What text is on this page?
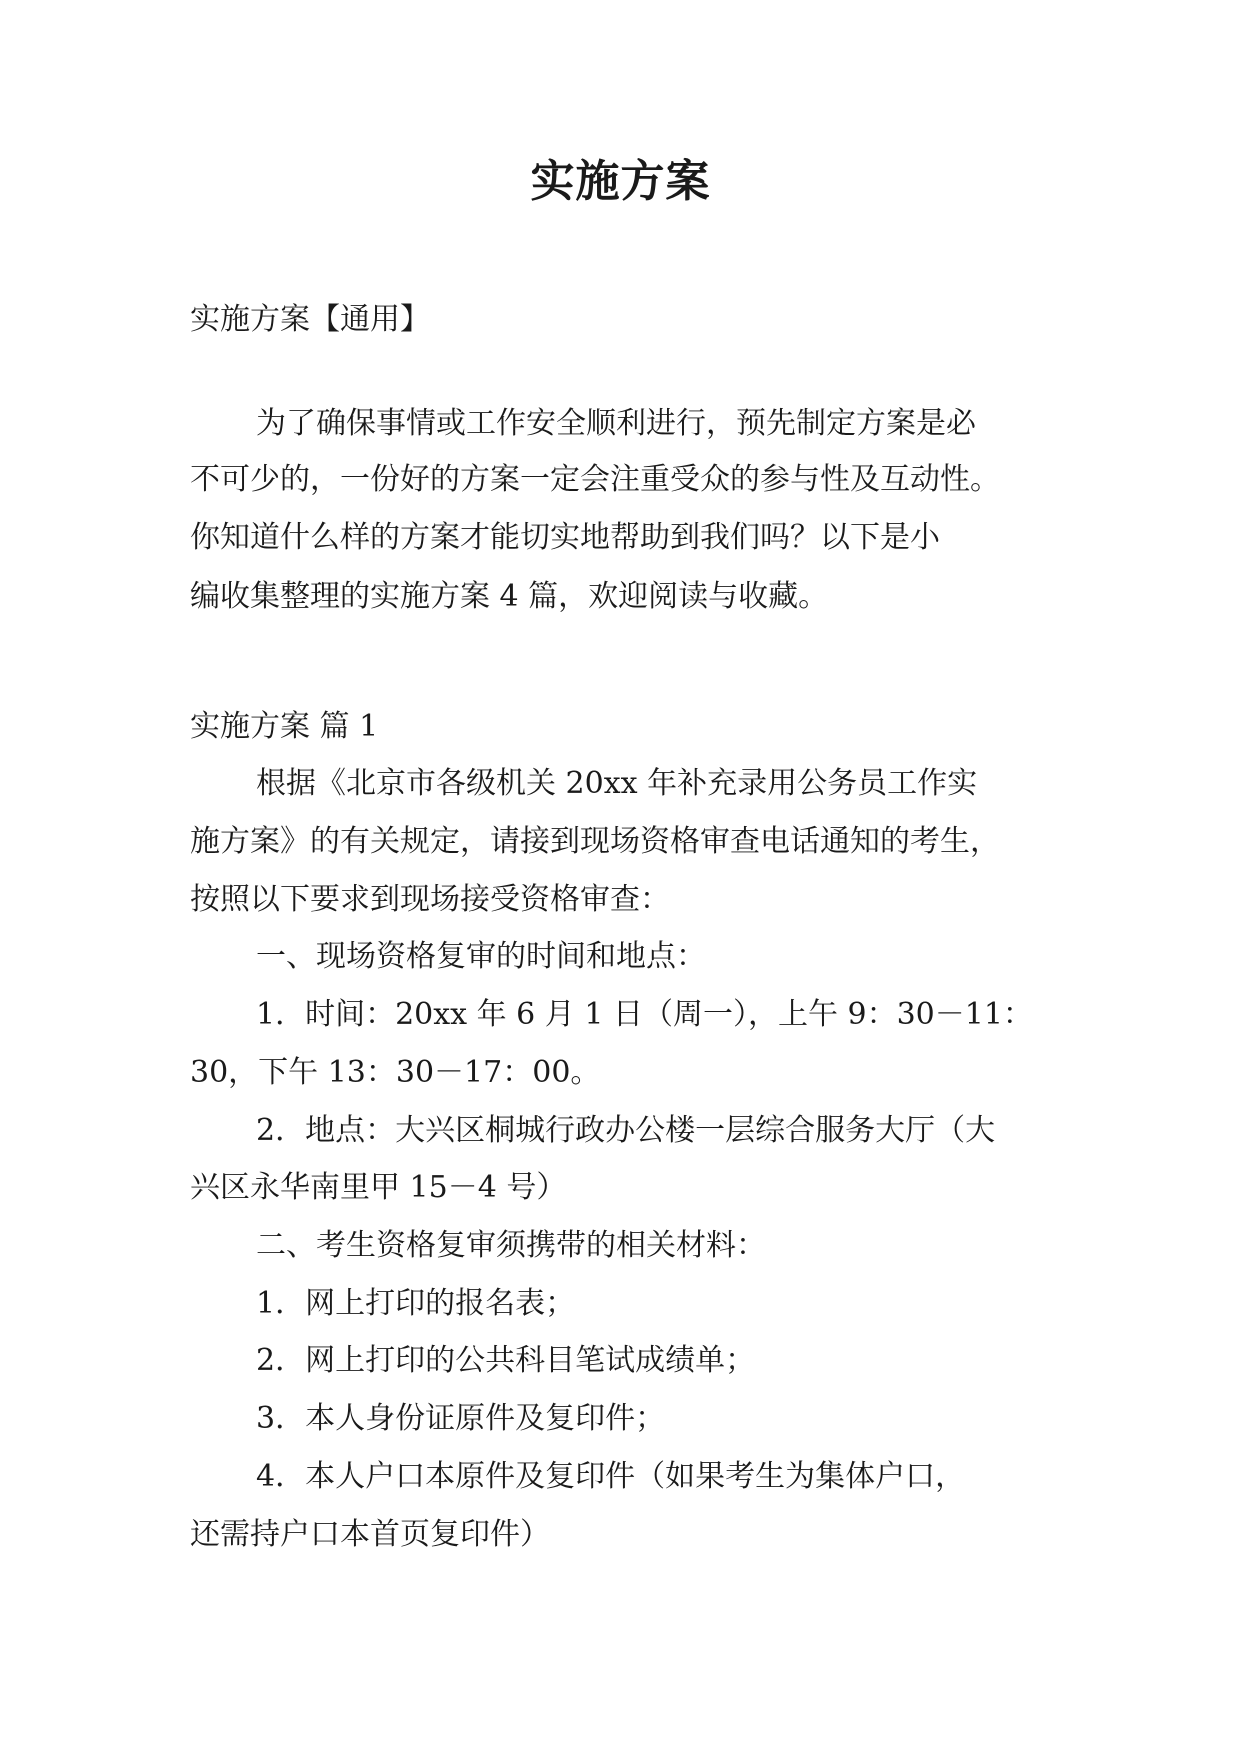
实施方案

实施方案【通用】

为了确保事情或工作安全顺利进行，预先制定方案是必

不可少的，一份好的方案一定会注重受众的参与性及互动性。

你知道什么样的方案才能切实地帮助到我们吗？以下是小

编收集整理的实施方案 4 篇，欢迎阅读与收藏。

实施方案 篇 1

根据《北京市各级机关 20xx 年补充录用公务员工作实

施方案》的有关规定，请接到现场资格审查电话通知的考生，

按照以下要求到现场接受资格审查：

一、现场资格复审的时间和地点：

1．时间：20xx 年 6 月 1 日（周一），上午 9：30－11：

30，下午 13：30－17：00。

2．地点：大兴区桐城行政办公楼一层综合服务大厅（大

兴区永华南里甲 15－4 号）

二、考生资格复审须携带的相关材料：

1．网上打印的报名表；

2．网上打印的公共科目笔试成绩单；

3．本人身份证原件及复印件；

4．本人户口本原件及复印件（如果考生为集体户口，

还需持户口本首页复印件）
